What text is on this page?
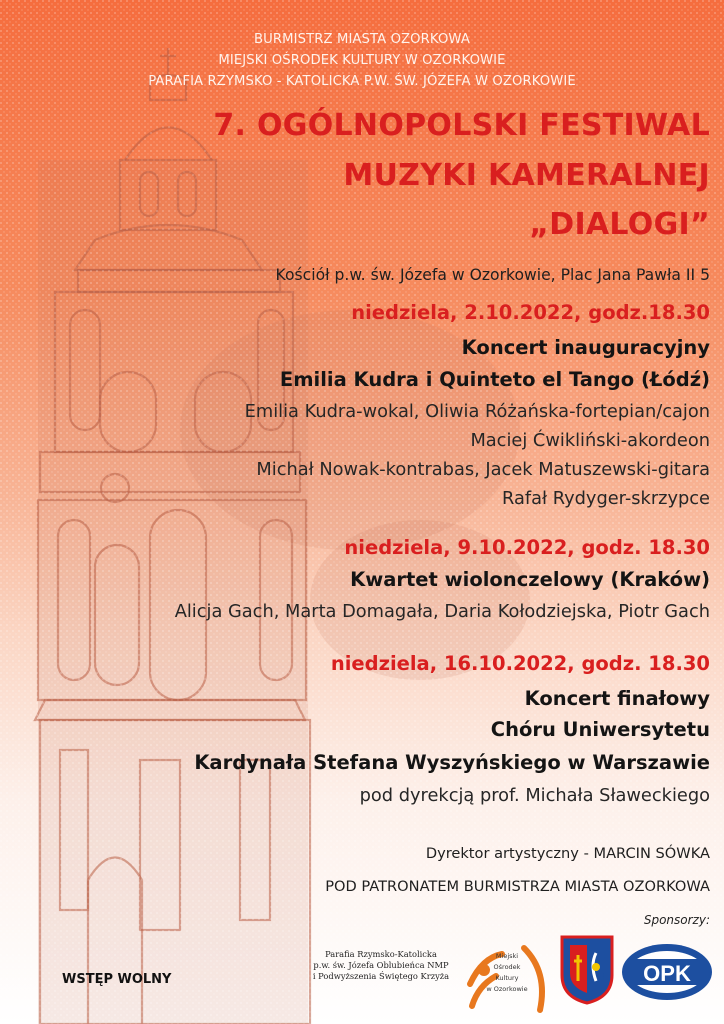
BURMISTRZ MIASTA OZORKOWA
MIEJSKI OŚRODEK KULTURY W OZORKOWIE
PARAFIA RZYMSKO - KATOLICKA P.W. ŚW. JÓZEFA W OZORKOWIE
7. OGÓLNOPOLSKI FESTIWAL
MUZYKI KAMERALNEJ
„DIALOGI”
Kościół p.w. św. Józefa w Ozorkowie, Plac Jana Pawła II 5
niedziela, 2.10.2022, godz.18.30
Koncert inauguracyjny
Emilia Kudra i Quinteto el Tango (Łódź)
Emilia Kudra-wokal, Oliwia Różańska-fortepian/cajon
Maciej Ćwikliński-akordeon
Michał Nowak-kontrabas, Jacek Matuszewski-gitara
Rafał Rydyger-skrzypce
niedziela, 9.10.2022, godz. 18.30
Kwartet wiolonczelowy (Kraków)
Alicja Gach, Marta Domagała, Daria Kołodziejska, Piotr Gach
niedziela, 16.10.2022, godz. 18.30
Koncert finałowy
Chóru Uniwersytetu
Kardynała Stefana Wyszyńskiego w Warszawie
pod dyrekcją prof. Michała Sławeckiego
Dyrektor artystyczny - MARCIN SÓWKA
POD PATRONATEM BURMISTRZA MIASTA OZORKOWA
Sponsorzy:
WSTĘP WOLNY
Parafia Rzymsko-Katolicka
p.w. św. Józefa Oblubieńca NMP
i Podwyższenia Świętego Krzyża
Miejski
Ośrodek
Kultury
w Ozorkowie
OPK
Sp. z o.o.
